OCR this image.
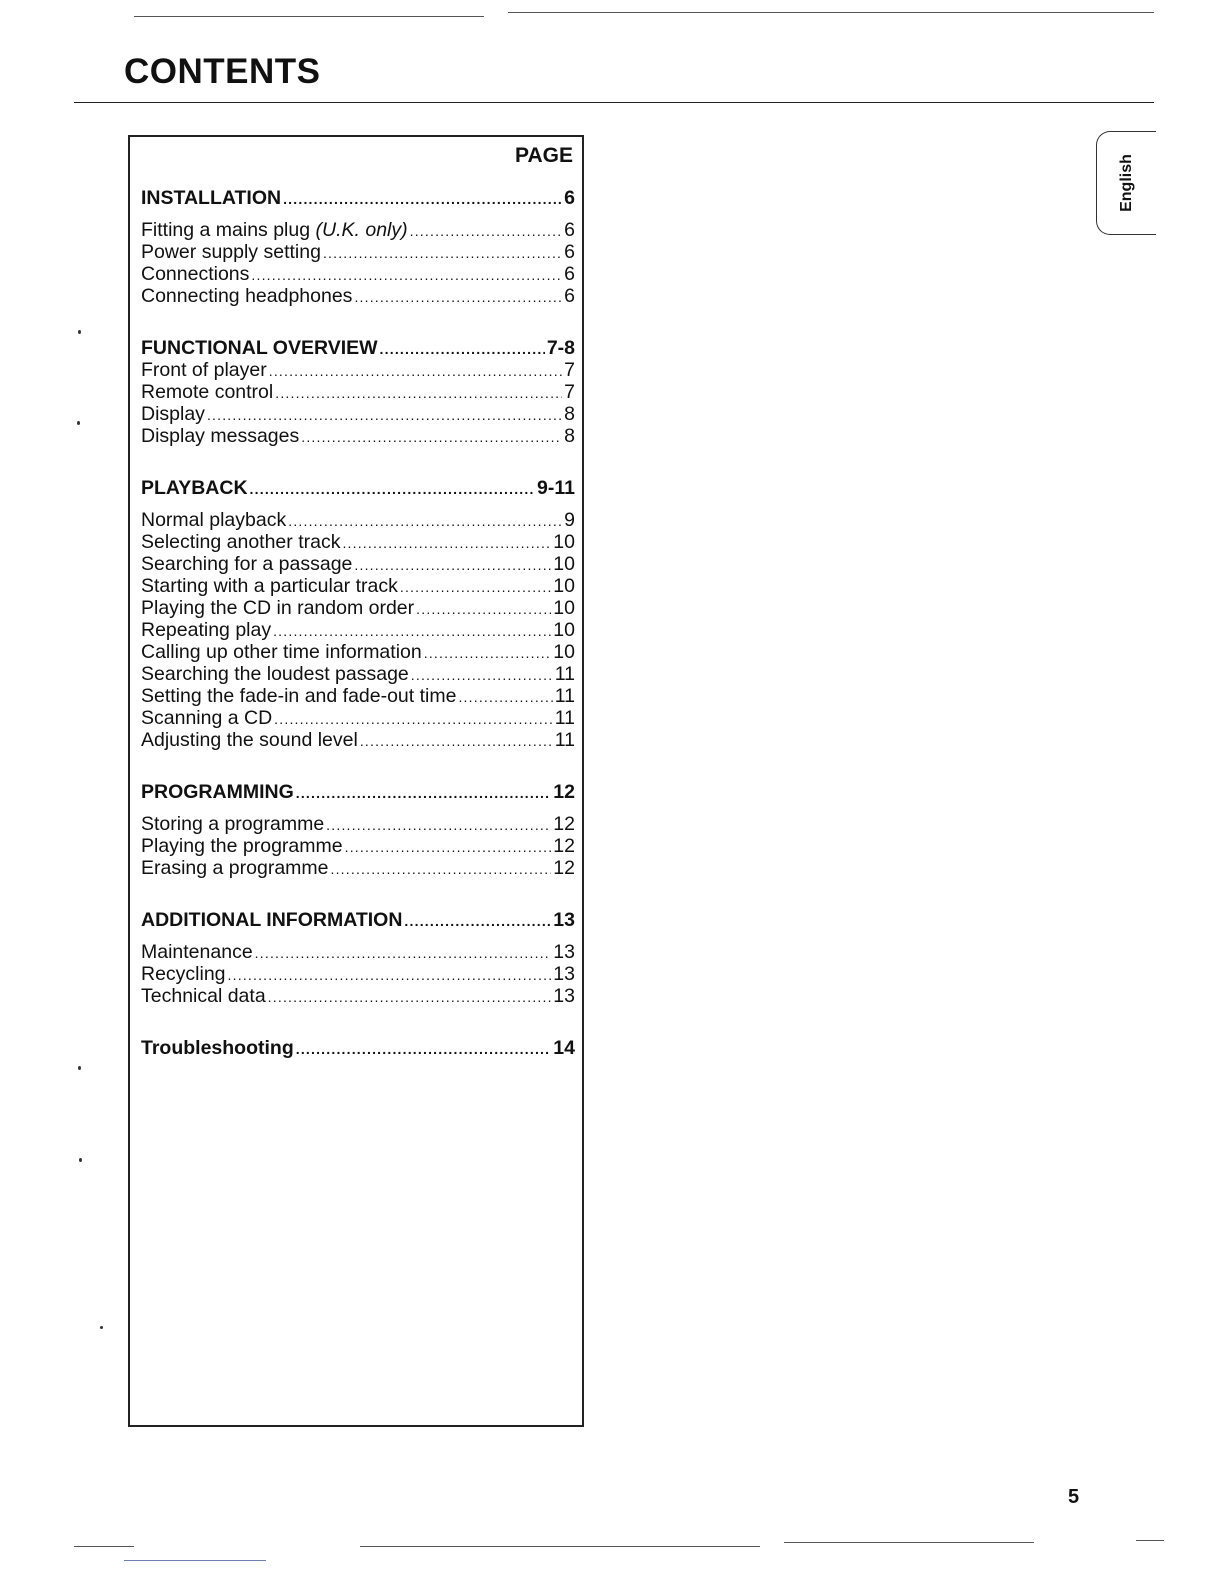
CONTENTS
PAGE
INSTALLATION .....	6
Fitting a mains plug (U.K. only) .....	6
Power supply setting .....	6
Connections .....	6
Connecting headphones .....	6
FUNCTIONAL OVERVIEW .....	7-8
Front of player .....	7
Remote control .....	7
Display .....	8
Display messages .....	8
PLAYBACK .....	9-11
Normal playback .....	9
Selecting another track .....	10
Searching for a passage .....	10
Starting with a particular track .....	10
Playing the CD in random order .....	10
Repeating play .....	10
Calling up other time information .....	10
Searching the loudest passage .....	11
Setting the fade-in and fade-out time .....	11
Scanning a CD .....	11
Adjusting the sound level .....	11
PROGRAMMING .....	12
Storing a programme .....	12
Playing the programme .....	12
Erasing a programme .....	12
ADDITIONAL INFORMATION .....	13
Maintenance .....	13
Recycling .....	13
Technical data .....	13
Troubleshooting .....	14
English
5
